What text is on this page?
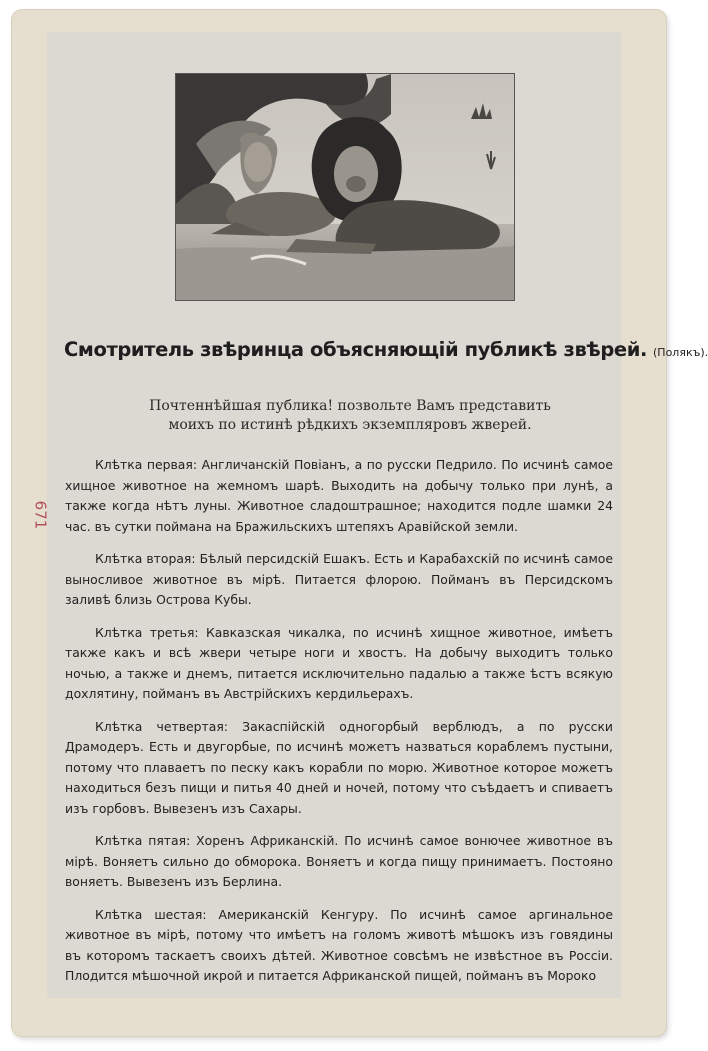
671
Смотритель звѣринца объясняющій публикѣ звѣрей. (Полякъ).
Почтеннѣйшая публика! позвольте Вамъ представить моихъ по истинѣ рѣдкихъ экземпляровъ жверей.

Клѣтка первая: Англичанскій Повіанъ, а по русски Педрило. По исчинѣ самое хищное животное на жемномъ шарѣ. Выходить на добычу только при лунѣ, а также когда нѣтъ луны. Животное сладоштрашное; находится подле шамки 24 час. въ сутки поймана на Бражильскихъ штепяхъ Аравійской земли.

Клѣтка вторая: Бѣлый персидскій Ешакъ. Есть и Карабахскій по исчинѣ самое выносливое животное въ мірѣ. Питается флорою. Пойманъ въ Персидскомъ заливѣ близь Острова Кубы.

Клѣтка третья: Кавказская чикалка, по исчинѣ хищное животное, имѣетъ также какъ и всѣ жвери четыре ноги и хвостъ. На добычу выходитъ только ночью, а также и днемъ, питается исключительно падалью а также ѣстъ всякую дохлятину, пойманъ въ Австрійскихъ кердильерахъ.

Клѣтка четвертая: Закаспійскій одногорбый верблюдъ, а по русски Драмодеръ. Есть и двугорбые, по исчинѣ можетъ назваться кораблемъ пустыни, потому что плаваетъ по песку какъ корабли по морю. Животное которое можетъ находиться безъ пищи и питья 40 дней и ночей, потому что съѣдаетъ и спиваетъ изъ горбовъ. Вывезенъ изъ Сахары.

Клѣтка пятая: Хоренъ Африканскій. По исчинѣ самое вонючее животное въ мірѣ. Воняетъ сильно до обморока. Воняетъ и когда пищу принимаетъ. Постояно воняетъ. Вывезенъ изъ Берлина.

Клѣтка шестая: Американскій Кенгуру. По исчинѣ самое аргинальное животное въ мірѣ, потому что имѣетъ на голомъ животѣ мѣшокъ изъ говядины въ которомъ таскаетъ своихъ дѣтей. Животное совсѣмъ не извѣстное въ Россіи. Плодится мѣшочной икрой и питается Африканской пищей, пойманъ въ Мороко
